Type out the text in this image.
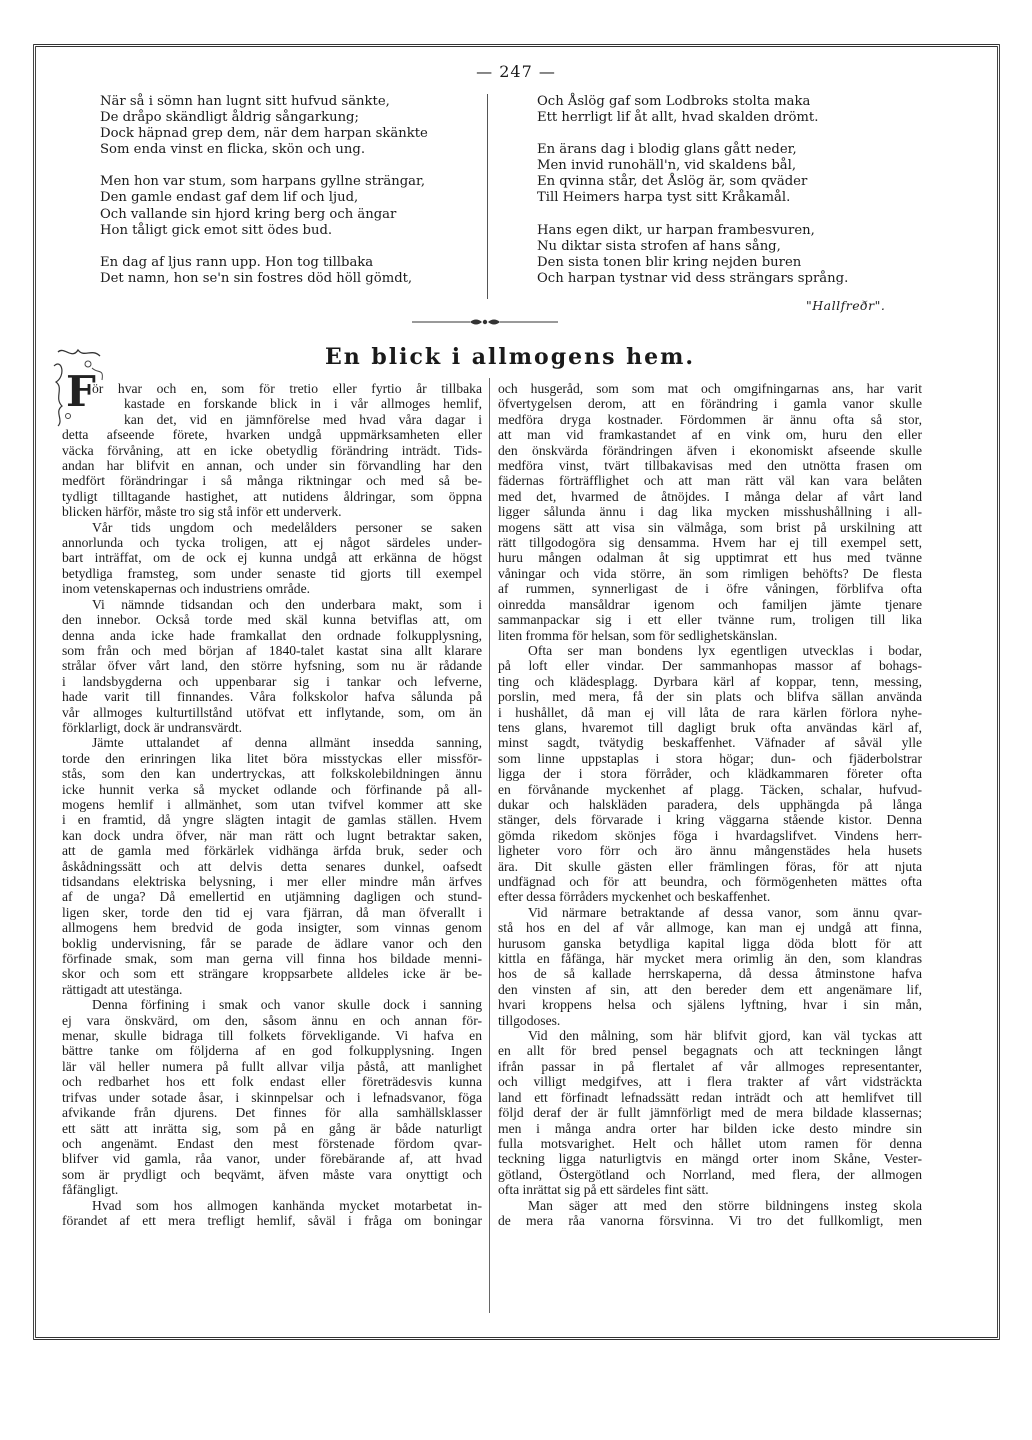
— 247 —
När så i sömn han lugnt sitt hufvud sänkte,
De dråpo skändligt åldrig sångarkung;
Dock häpnad grep dem, när dem harpan skänkte
Som enda vinst en flicka, skön och ung.
Men hon var stum, som harpans gyllne strängar,
Den gamle endast gaf dem lif och ljud,
Och vallande sin hjord kring berg och ängar
Hon tåligt gick emot sitt ödes bud.
En dag af ljus rann upp. Hon tog tillbaka
Det namn, hon se'n sin fostres död höll gömdt,
Och Åslög gaf som Lodbroks stolta maka
Ett herrligt lif åt allt, hvad skalden drömt.
En ärans dag i blodig glans gått neder,
Men invid runohäll'n, vid skaldens bål,
En qvinna står, det Åslög är, som qväder
Till Heimers harpa tyst sitt Kråkamål.
Hans egen dikt, ur harpan frambesvuren,
Nu diktar sista strofen af hans sång,
Den sista tonen blir kring nejden buren
Och harpan tystnar vid dess strängars språng.
"Hallfreðr".
En blick i allmogens hem.
F
ör hvar och en, som för tretio eller fyrtio år tillbaka
kastade en forskande blick in i vår allmoges hemlif,
kan det, vid en jämnförelse med hvad våra dagar i
detta afseende förete, hvarken undgå uppmärksamheten eller
väcka förvåning, att en icke obetydlig förändring inträdt. Tids-
andan har blifvit en annan, och under sin förvandling har den
medfört förändringar i så många riktningar och med så be-
tydligt tilltagande hastighet, att nutidens åldringar, som öppna
blicken härför, måste tro sig stå inför ett underverk.
Vår tids ungdom och medelålders personer se saken
annorlunda och tycka troligen, att ej något särdeles under-
bart inträffat, om de ock ej kunna undgå att erkänna de högst
betydliga framsteg, som under senaste tid gjorts till exempel
inom vetenskapernas och industriens område.
Vi nämnde tidsandan och den underbara makt, som i
den innebor. Också torde med skäl kunna betviflas att, om
denna anda icke hade framkallat den ordnade folkupplysning,
som från och med början af 1840-talet kastat sina allt klarare
strålar öfver vårt land, den större hyfsning, som nu är rådande
i landsbygderna och uppenbarar sig i tankar och lefverne,
hade varit till finnandes. Våra folkskolor hafva sålunda på
vår allmoges kulturtillstånd utöfvat ett inflytande, som, om än
förklarligt, dock är undransvärdt.
Jämte uttalandet af denna allmänt insedda sanning,
torde den erinringen lika litet böra misstyckas eller missför-
stås, som den kan undertryckas, att folkskolebildningen ännu
icke hunnit verka så mycket odlande och förfinande på all-
mogens hemlif i allmänhet, som utan tvifvel kommer att ske
i en framtid, då yngre slägten intagit de gamlas ställen. Hvem
kan dock undra öfver, när man rätt och lugnt betraktar saken,
att de gamla med förkärlek vidhänga ärfda bruk, seder och
åskådningssätt och att delvis detta senares dunkel, oafsedt
tidsandans elektriska belysning, i mer eller mindre mån ärfves
af de unga? Då emellertid en utjämning dagligen och stund-
ligen sker, torde den tid ej vara fjärran, då man öfverallt i
allmogens hem bredvid de goda insigter, som vinnas genom
boklig undervisning, får se parade de ädlare vanor och den
förfinade smak, som man gerna vill finna hos bildade menni-
skor och som ett strängare kroppsarbete alldeles icke är be-
rättigadt att utestänga.
Denna förfining i smak och vanor skulle dock i sanning
ej vara önskvärd, om den, såsom ännu en och annan för-
menar, skulle bidraga till folkets förvekligande. Vi hafva en
bättre tanke om följderna af en god folkupplysning. Ingen
lär väl heller numera på fullt allvar vilja påstå, att manlighet
och redbarhet hos ett folk endast eller företrädesvis kunna
trifvas under sotade åsar, i skinnpelsar och i lefnadsvanor, föga
afvikande från djurens. Det finnes för alla samhällsklasser
ett sätt att inrätta sig, som på en gång är både naturligt
och angenämt. Endast den mest förstenade fördom qvar-
blifver vid gamla, råa vanor, under förebärande af, att hvad
som är prydligt och beqvämt, äfven måste vara onyttigt och
fåfängligt.
Hvad som hos allmogen kanhända mycket motarbetat in-
förandet af ett mera trefligt hemlif, såväl i fråga om boningar
och husgeråd, som som mat och omgifningarnas ans, har varit
öfvertygelsen derom, att en förändring i gamla vanor skulle
medföra dryga kostnader. Fördommen är ännu ofta så stor,
att man vid framkastandet af en vink om, huru den eller
den önskvärda förändringen äfven i ekonomiskt afseende skulle
medföra vinst, tvärt tillbakavisas med den utnötta frasen om
fädernas förträfflighet och att man rätt väl kan vara belåten
med det, hvarmed de åtnöjdes. I många delar af vårt land
ligger sålunda ännu i dag lika mycken misshushållning i all-
mogens sätt att visa sin välmåga, som brist på urskilning att
rätt tillgodogöra sig densamma. Hvem har ej till exempel sett,
huru mången odalman åt sig upptimrat ett hus med tvänne
våningar och vida större, än som rimligen behöfts? De flesta
af rummen, synnerligast de i öfre våningen, förblifva ofta
oinredda mansåldrar igenom och familjen jämte tjenare
sammanpackar sig i ett eller tvänne rum, troligen till lika
liten fromma för helsan, som för sedlighetskänslan.
Ofta ser man bondens lyx egentligen utvecklas i bodar,
på loft eller vindar. Der sammanhopas massor af bohags-
ting och klädesplagg. Dyrbara kärl af koppar, tenn, messing,
porslin, med mera, få der sin plats och blifva sällan använda
i hushållet, då man ej vill låta de rara kärlen förlora nyhe-
tens glans, hvaremot till dagligt bruk ofta användas kärl af,
minst sagdt, tvätydig beskaffenhet. Väfnader af såväl ylle
som linne uppstaplas i stora högar; dun- och fjäderbolstrar
ligga der i stora förråder, och klädkammaren företer ofta
en förvånande myckenhet af plagg. Täcken, schalar, hufvud-
dukar och halskläden paradera, dels upphängda på långa
stänger, dels förvarade i kring väggarna stående kistor. Denna
gömda rikedom skönjes föga i hvardagslifvet. Vindens herr-
ligheter voro förr och äro ännu mångenstädes hela husets
ära. Dit skulle gästen eller främlingen föras, för att njuta
undfägnad och för att beundra, och förmögenheten mättes ofta
efter dessa förråders myckenhet och beskaffenhet.
Vid närmare betraktande af dessa vanor, som ännu qvar-
stå hos en del af vår allmoge, kan man ej undgå att finna,
hurusom ganska betydliga kapital ligga döda blott för att
kittla en fåfänga, här mycket mera orimlig än den, som klandras
hos de så kallade herrskaperna, då dessa åtminstone hafva
den vinsten af sin, att den bereder dem ett angenämare lif,
hvari kroppens helsa och själens lyftning, hvar i sin mån,
tillgodoses.
Vid den målning, som här blifvit gjord, kan väl tyckas att
en allt för bred pensel begagnats och att teckningen långt
ifrån passar in på flertalet af vår allmoges representanter,
och villigt medgifves, att i flera trakter af vårt vidsträckta
land ett förfinadt lefnadssätt redan inträdt och att hemlifvet till
följd deraf der är fullt jämnförligt med de mera bildade klassernas;
men i många andra orter har bilden icke desto mindre sin
fulla motsvarighet. Helt och hållet utom ramen för denna
teckning ligga naturligtvis en mängd orter inom Skåne, Vester-
götland, Östergötland och Norrland, med flera, der allmogen
ofta inrättat sig på ett särdeles fint sätt.
Man säger att med den större bildningens insteg skola
de mera råa vanorna försvinna. Vi tro det fullkomligt, men
